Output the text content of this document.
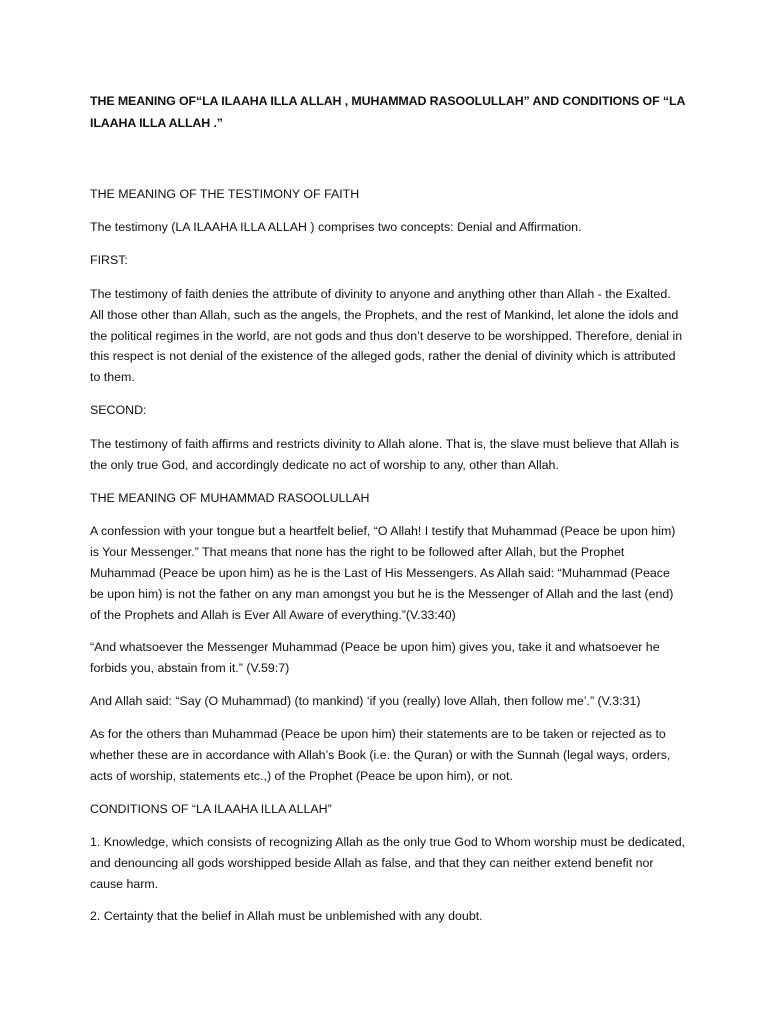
THE MEANING OF“LA ILAAHA ILLA ALLAH , MUHAMMAD RASOOLULLAH” AND CONDITIONS OF “LA ILAAHA ILLA ALLAH .”

THE MEANING OF THE TESTIMONY OF FAITH

The testimony (LA ILAAHA ILLA ALLAH ) comprises two concepts: Denial and Affirmation.

FIRST:

The testimony of faith denies the attribute of divinity to anyone and anything other than Allah - the Exalted. All those other than Allah, such as the angels, the Prophets, and the rest of Mankind, let alone the idols and the political regimes in the world, are not gods and thus don’t deserve to be worshipped. Therefore, denial in this respect is not denial of the existence of the alleged gods, rather the denial of divinity which is attributed to them.

SECOND:

The testimony of faith affirms and restricts divinity to Allah alone. That is, the slave must believe that Allah is the only true God, and accordingly dedicate no act of worship to any, other than Allah.

THE MEANING OF MUHAMMAD RASOOLULLAH

A confession with your tongue but a heartfelt belief, “O Allah! I testify that Muhammad (Peace be upon him) is Your Messenger.” That means that none has the right to be followed after Allah, but the Prophet Muhammad (Peace be upon him) as he is the Last of His Messengers. As Allah said: “Muhammad (Peace be upon him) is not the father on any man amongst you but he is the Messenger of Allah and the last (end) of the Prophets and Allah is Ever All Aware of everything.”(V.33:40)

“And whatsoever the Messenger Muhammad (Peace be upon him) gives you, take it and whatsoever he forbids you, abstain from it.” (V.59:7)

And Allah said: “Say (O Muhammad) (to mankind) ‘if you (really) love Allah, then follow me’.” (V.3:31)

As for the others than Muhammad (Peace be upon him) their statements are to be taken or rejected as to whether these are in accordance with Allah’s Book (i.e. the Quran) or with the Sunnah (legal ways, orders, acts of worship, statements etc.,) of the Prophet (Peace be upon him), or not.

CONDITIONS OF “LA ILAAHA ILLA ALLAH”

1. Knowledge, which consists of recognizing Allah as the only true God to Whom worship must be dedicated, and denouncing all gods worshipped beside Allah as false, and that they can neither extend benefit nor cause harm.

2. Certainty that the belief in Allah must be unblemished with any doubt.
